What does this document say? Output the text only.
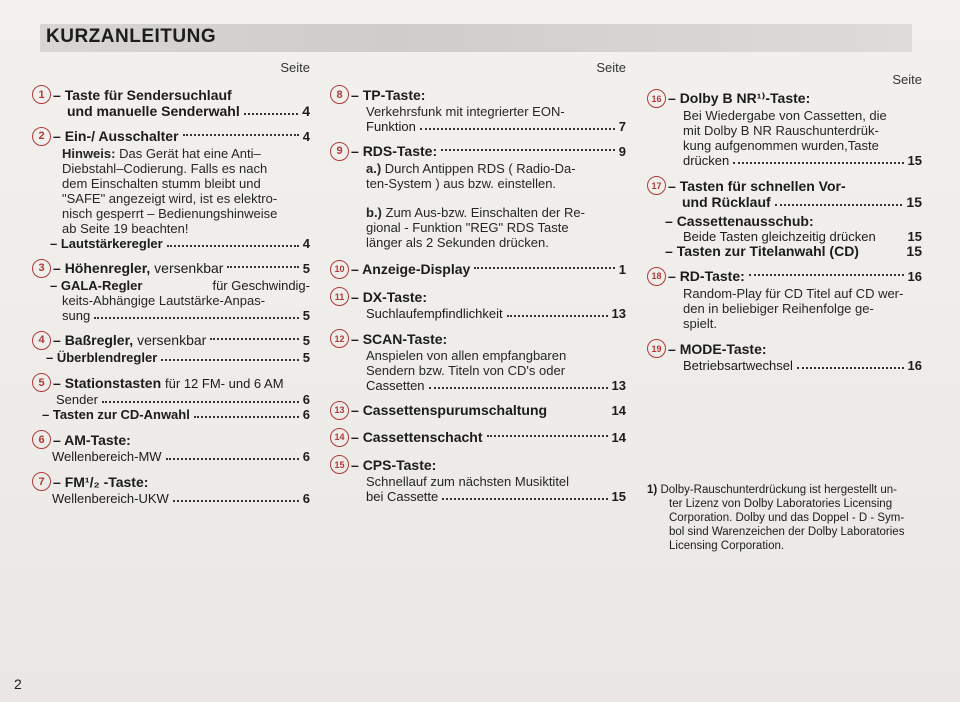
KURZANLEITUNG
Seite
1 – Taste für Sendersuchlauf
und manuelle Senderwahl	4
2 – Ein-/ Ausschalter	4
Hinweis: Das Gerät hat eine Anti–
Diebstahl–Codierung. Falls es nach
dem Einschalten stumm bleibt und
"SAFE" angezeigt wird, ist es elektro-
nisch gesperrt – Bedienungshinweise
ab Seite 19 beachten!
– Lautstärkeregler	4
3 – Höhenregler, versenkbar	5
– GALA-Regler	für Geschwindig-
keits-Abhängige Lautstärke-Anpas-
sung	5
4 – Baßregler, versenkbar	5
– Überblendregler	5
5 – Stationstasten für 12 FM- und 6 AM
Sender	6
– Tasten zur CD-Anwahl	6
6 – AM-Taste:
Wellenbereich-MW	6
7 – FM¹/₂ -Taste:
Wellenbereich-UKW	6
Seite
8 – TP-Taste:
Verkehrsfunk mit integrierter EON-
Funktion	7
9 – RDS-Taste:	9
a.) Durch Antippen RDS ( Radio-Da-
ten-System ) aus bzw. einstellen.
b.) Zum Aus-bzw. Einschalten der Re-
gional - Funktion "REG" RDS Taste
länger als 2 Sekunden drücken.
10 – Anzeige-Display	1
11 – DX-Taste:
Suchlaufempfindlichkeit	13
12 – SCAN-Taste:
Anspielen von allen empfangbaren
Sendern bzw. Titeln von CD's oder
Cassetten	13
13 – Cassettenspurumschaltung	14
14 – Cassettenschacht	14
15 – CPS-Taste:
Schnellauf zum nächsten Musiktitel
bei Cassette	15
Seite
16 – Dolby B NR¹⁾-Taste:
Bei Wiedergabe von Cassetten, die
mit Dolby B NR Rauschunterdrük-
kung aufgenommen wurden,Taste
drücken	15
17 – Tasten für schnellen Vor-
und Rücklauf	15
– Cassettenausschub:
Beide Tasten gleichzeitig drücken 15
– Tasten zur Titelanwahl (CD)	15
18 – RD-Taste:	16
Random-Play für CD Titel auf CD wer-
den in beliebiger Reihenfolge ge-
spielt.
19 – MODE-Taste:
Betriebsartwechsel	16
1) Dolby-Rauschunterdrückung ist hergestellt un-
ter Lizenz von Dolby Laboratories Licensing
Corporation. Dolby und das Doppel - D - Sym-
bol sind Warenzeichen der Dolby Laboratories
Licensing Corporation.
2
